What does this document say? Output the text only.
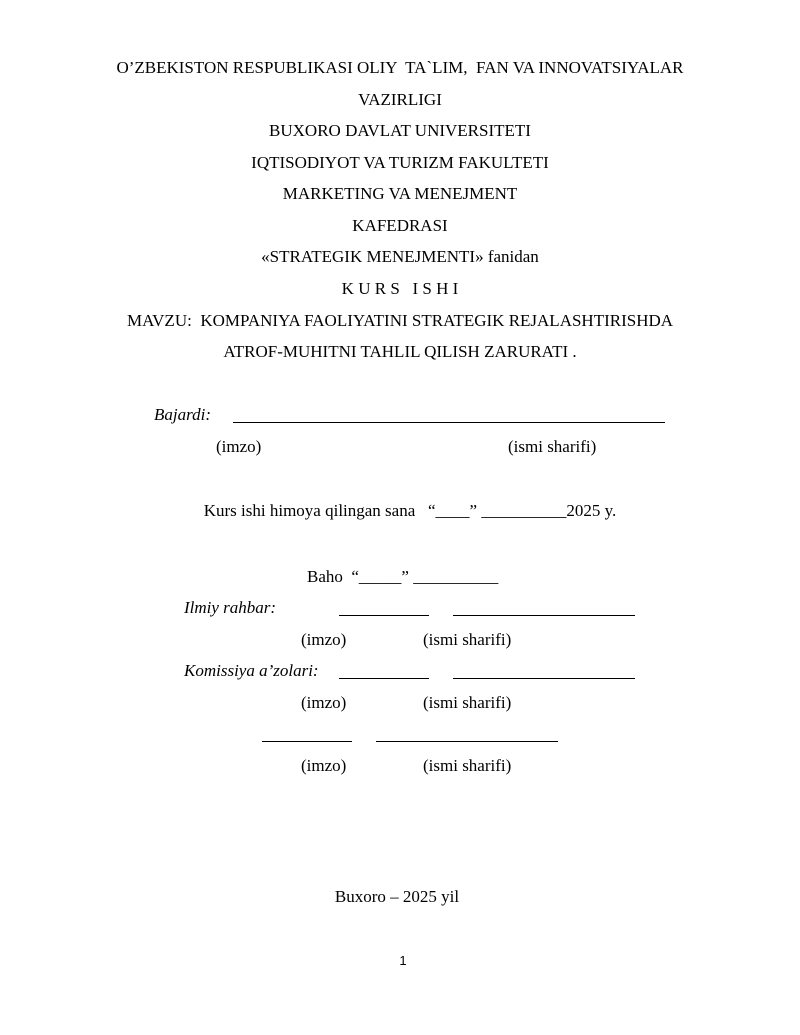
O’ZBEKISTON RESPUBLIKASI OLIY  TA`LIM,  FAN VA INNOVATSIYALAR
VAZIRLIGI
BUXORO DAVLAT UNIVERSITETI
IQTISODIYOT VA TURIZM FAKULTETI
MARKETING VA MENEJMENT
KAFEDRASI
«STRATEGIK MENEJMENTI» fanidan
K U R S   I S H I
MAVZU:  KOMPANIYA FAOLIYATINI STRATEGIK REJALASHTIRISHDA
ATROF-MUHITNI TAHLIL QILISH ZARURATI .
Bajardi:
(imzo)	(ismi sharifi)
Kurs ishi himoya qilingan sana   “____” __________2025 y.
Baho  “_____” __________
Ilmiy rahbar:
(imzo)	(ismi sharifi)
Komissiya a’zolari:
(imzo)	(ismi sharifi)
(imzo)	(ismi sharifi)
Buxoro – 2025 yil
1
